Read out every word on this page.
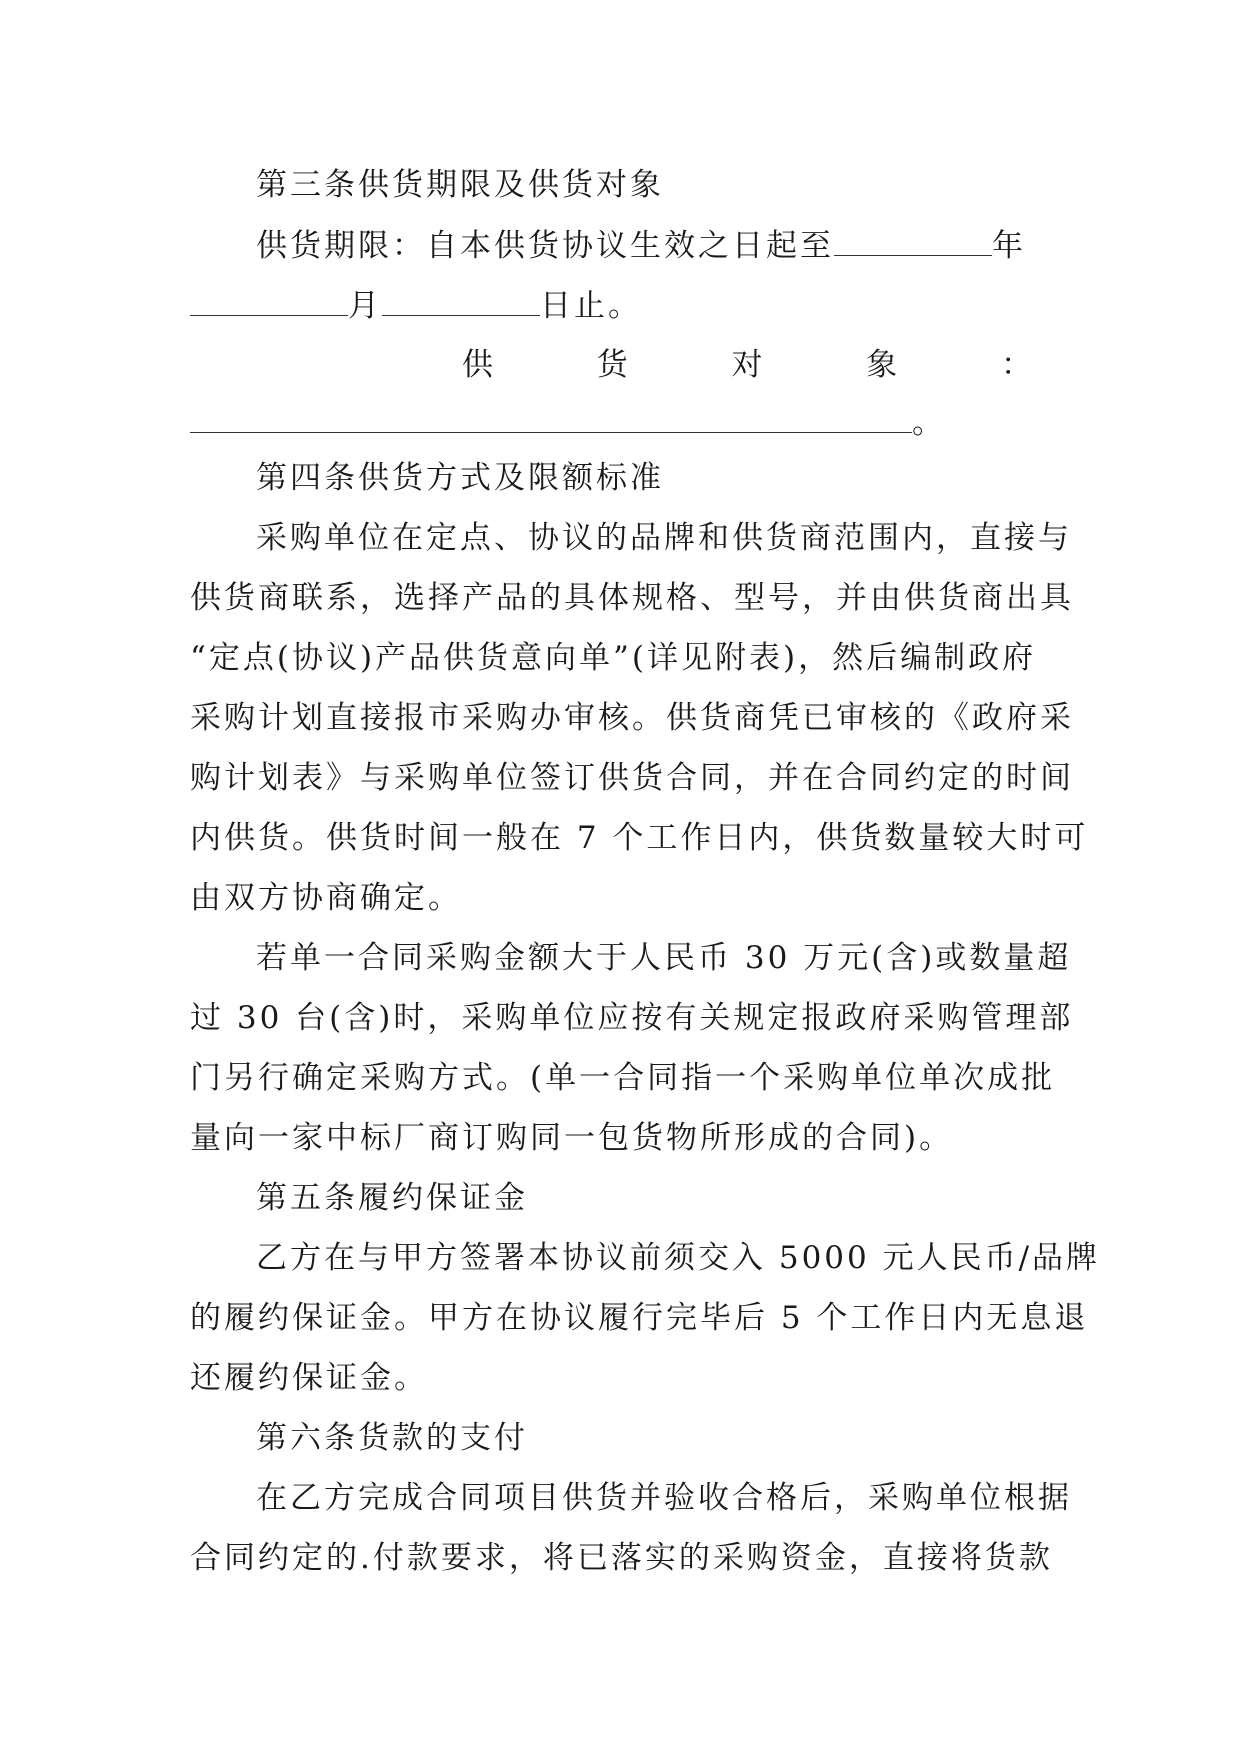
第三条供货期限及供货对象
供货期限：自本供货协议生效之日起至	年
月	日止。
供	货	对	象	：
。
第四条供货方式及限额标准
采购单位在定点、协议的品牌和供货商范围内，直接与
供货商联系，选择产品的具体规格、型号，并由供货商出具
“定点(协议)产品供货意向单”(详见附表)，然后编制政府
采购计划直接报市采购办审核。供货商凭已审核的《政府采
购计划表》与采购单位签订供货合同，并在合同约定的时间
内供货。供货时间一般在 7 个工作日内，供货数量较大时可
由双方协商确定。
若单一合同采购金额大于人民币 30 万元(含)或数量超
过 30 台(含)时，采购单位应按有关规定报政府采购管理部
门另行确定采购方式。(单一合同指一个采购单位单次成批
量向一家中标厂商订购同一包货物所形成的合同)。
第五条履约保证金
乙方在与甲方签署本协议前须交入 5000 元人民币/品牌
的履约保证金。甲方在协议履行完毕后 5 个工作日内无息退
还履约保证金。
第六条货款的支付
在乙方完成合同项目供货并验收合格后，采购单位根据
合同约定的.付款要求，将已落实的采购资金，直接将货款
